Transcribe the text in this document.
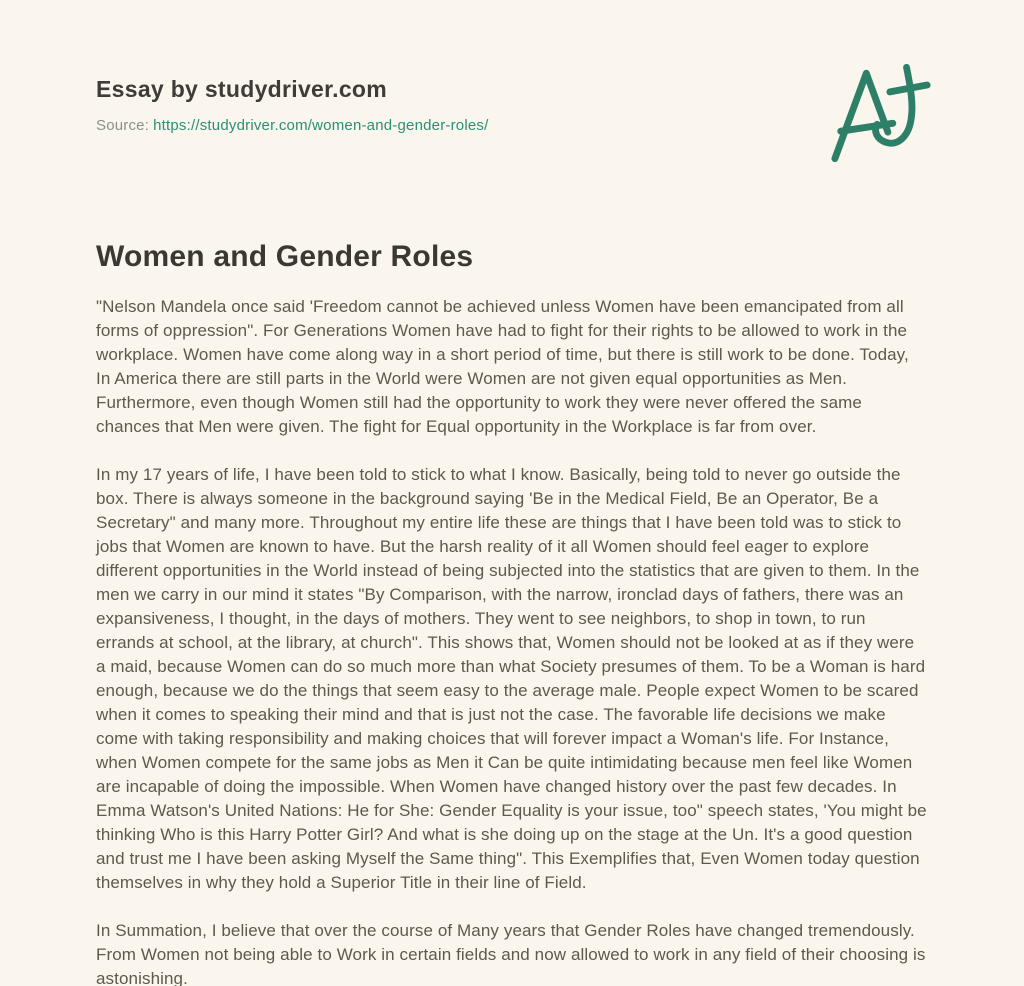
Essay by studydriver.com
Source: https://studydriver.com/women-and-gender-roles/
Women and Gender Roles

"Nelson Mandela once said 'Freedom cannot be achieved unless Women have been emancipated from all forms of oppression". For Generations Women have had to fight for their rights to be allowed to work in the workplace. Women have come along way in a short period of time, but there is still work to be done. Today, In America there are still parts in the World were Women are not given equal opportunities as Men. Furthermore, even though Women still had the opportunity to work they were never offered the same chances that Men were given. The fight for Equal opportunity in the Workplace is far from over.

In my 17 years of life, I have been told to stick to what I know. Basically, being told to never go outside the box. There is always someone in the background saying 'Be in the Medical Field, Be an Operator, Be a Secretary" and many more. Throughout my entire life these are things that I have been told was to stick to jobs that Women are known to have. But the harsh reality of it all Women should feel eager to explore different opportunities in the World instead of being subjected into the statistics that are given to them. In the men we carry in our mind it states "By Comparison, with the narrow, ironclad days of fathers, there was an expansiveness, I thought, in the days of mothers. They went to see neighbors, to shop in town, to run errands at school, at the library, at church". This shows that, Women should not be looked at as if they were a maid, because Women can do so much more than what Society presumes of them. To be a Woman is hard enough, because we do the things that seem easy to the average male. People expect Women to be scared when it comes to speaking their mind and that is just not the case. The favorable life decisions we make come with taking responsibility and making choices that will forever impact a Woman's life. For Instance, when Women compete for the same jobs as Men it Can be quite intimidating because men feel like Women are incapable of doing the impossible. When Women have changed history over the past few decades. In Emma Watson's United Nations: He for She: Gender Equality is your issue, too" speech states, 'You might be thinking Who is this Harry Potter Girl? And what is she doing up on the stage at the Un. It's a good question and trust me I have been asking Myself the Same thing". This Exemplifies that, Even Women today question themselves in why they hold a Superior Title in their line of Field.

In Summation, I believe that over the course of Many years that Gender Roles have changed tremendously. From Women not being able to Work in certain fields and now allowed to work in any field of their choosing is astonishing.
